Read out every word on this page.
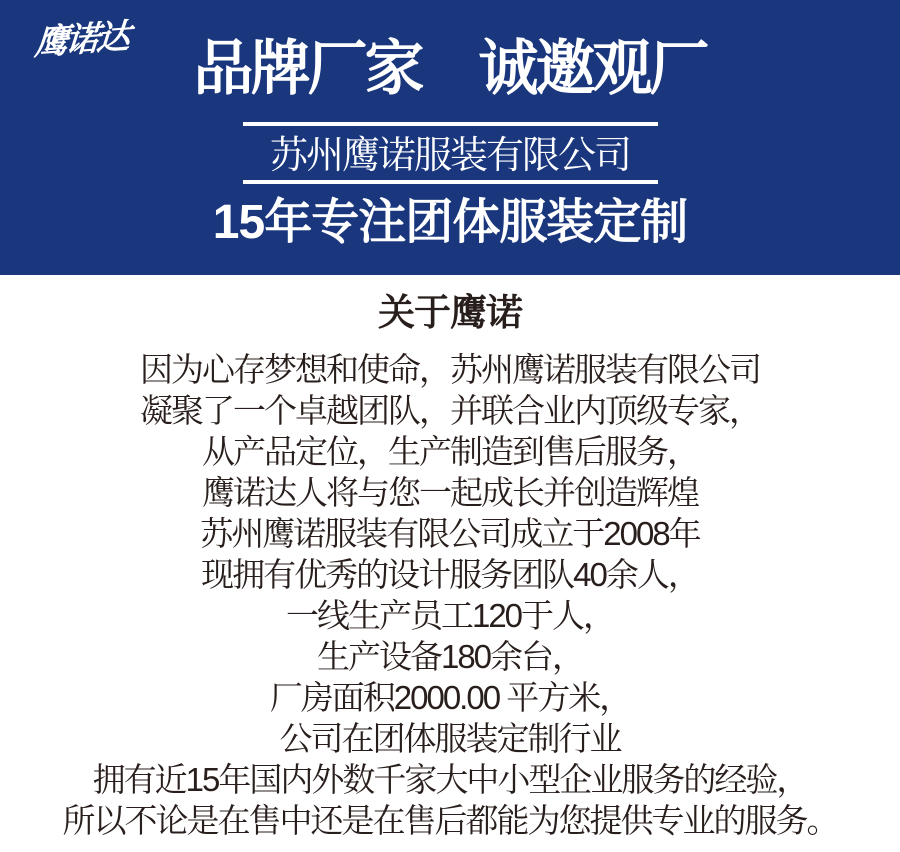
鹰诺达 品牌厂家　诚邀观厂
苏州鹰诺服装有限公司
15年专注团体服装定制
关于鹰诺
因为心存梦想和使命，苏州鹰诺服装有限公司
凝聚了一个卓越团队，并联合业内顶级专家，
从产品定位，生产制造到售后服务，
鹰诺达人将与您一起成长并创造辉煌
苏州鹰诺服装有限公司成立于2008年
现拥有优秀的设计服务团队40余人，
一线生产员工120于人，
生产设备180余台，
厂房面积2000.00 平方米，
公司在团体服装定制行业
拥有近15年国内外数千家大中小型企业服务的经验，
所以不论是在售中还是在售后都能为您提供专业的服务。
